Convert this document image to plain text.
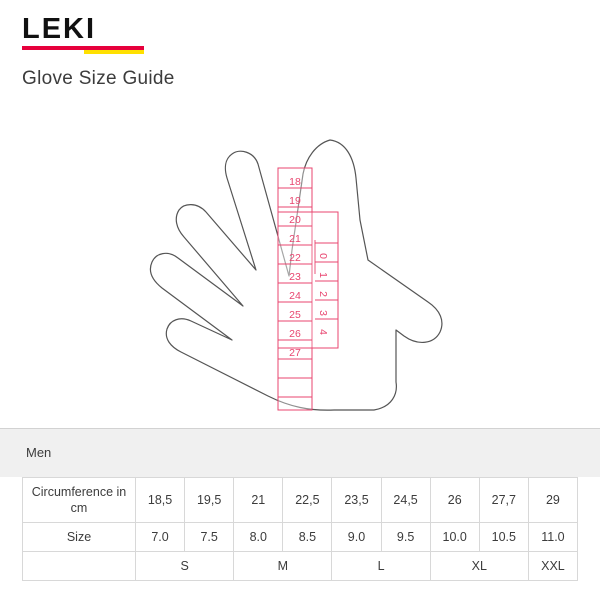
LEKI
Glove Size Guide
18
19
20
21
22
23
24
25
26
27
0
1
2
3
4
Men
Circumference in cm	18,5	19,5	21	22,5	23,5	24,5	26	27,7	29
Size	7.0	7.5	8.0	8.5	9.0	9.5	10.0	10.5	11.0
	S		M		L		XL		XXL
